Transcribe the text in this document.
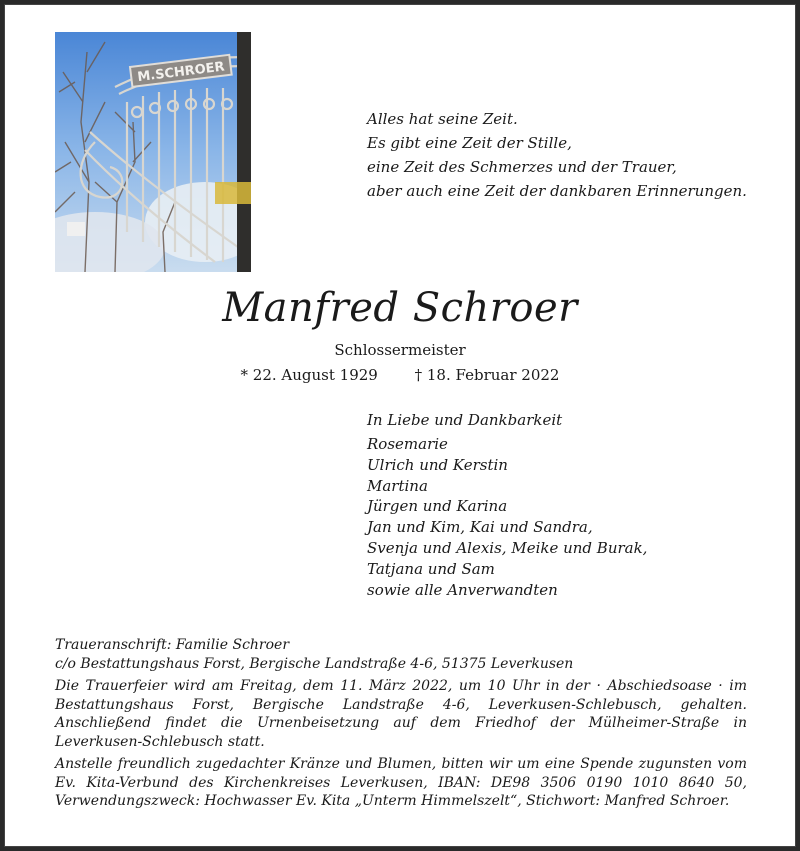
M.SCHROER
Alles hat seine Zeit.
Es gibt eine Zeit der Stille,
eine Zeit des Schmerzes und der Trauer,
aber auch eine Zeit der dankbaren Erinnerungen.
Manfred Schroer
Schlossermeister
* 22. August 1929 † 18. Februar 2022
In Liebe und Dankbarkeit
Rosemarie
Ulrich und Kerstin
Martina
Jürgen und Karina
Jan und Kim, Kai und Sandra,
Svenja und Alexis, Meike und Burak,
Tatjana und Sam
sowie alle Anverwandten

Traueranschrift: Familie Schroer
c/o Bestattungshaus Forst, Bergische Landstraße 4-6, 51375 Leverkusen

Die Trauerfeier wird am Freitag, dem 11. März 2022, um 10 Uhr in der · Abschiedsoase · im Bestattungshaus Forst, Bergische Landstraße 4-6, Leverkusen-Schlebusch, gehalten. Anschließend findet die Urnenbeisetzung auf dem Friedhof der Mülheimer-Straße in Leverkusen-Schlebusch statt.

Anstelle freundlich zugedachter Kränze und Blumen, bitten wir um eine Spende zugunsten vom Ev. Kita-Verbund des Kirchenkreises Leverkusen, IBAN: DE98 3506 0190 1010 8640 50, Verwendungszweck: Hochwasser Ev. Kita „Unterm Himmelszelt“, Stichwort: Manfred Schroer.
